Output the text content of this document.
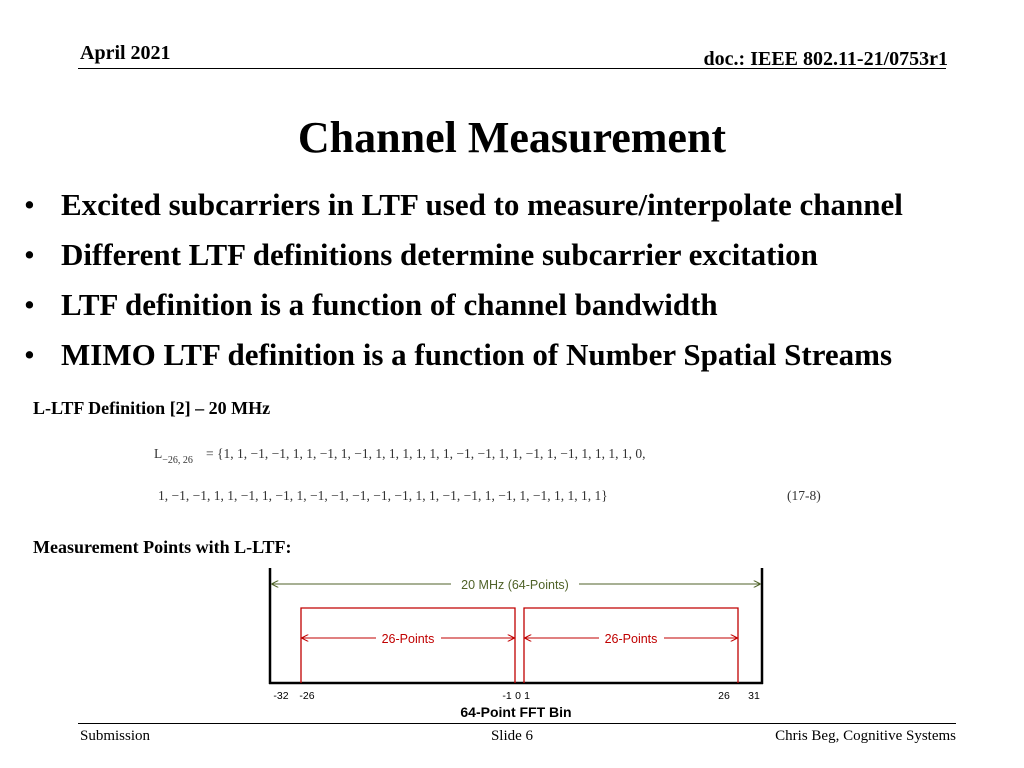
April 2021	doc.: IEEE 802.11-21/0753r1
Channel Measurement
• Excited subcarriers in LTF used to measure/interpolate channel
• Different LTF definitions determine subcarrier excitation
• LTF definition is a function of channel bandwidth
• MIMO LTF definition is a function of Number Spatial Streams
L-LTF Definition [2] – 20 MHz
$L_{-26, 26} = \{1$, 1, −1, −1, 1, 1, −1, 1, −1, 1, 1, 1, 1, 1, 1, −1, −1, 1, 1, −1, 1, −1, 1, 1, 1, 1, 0,
1, −1, −1, 1, 1, −1, 1, −1, 1, −1, −1, −1, −1, −1, 1, 1, −1, −1, 1, −1, 1, −1, 1, 1, 1, 1}	(17-8)
Measurement Points with L-LTF:
20 MHz (64-Points)
26-Points	26-Points
-32 -26	-1 0 1	26 31
64-Point FFT Bin
Submission	Slide 6	Chris Beg, Cognitive Systems
